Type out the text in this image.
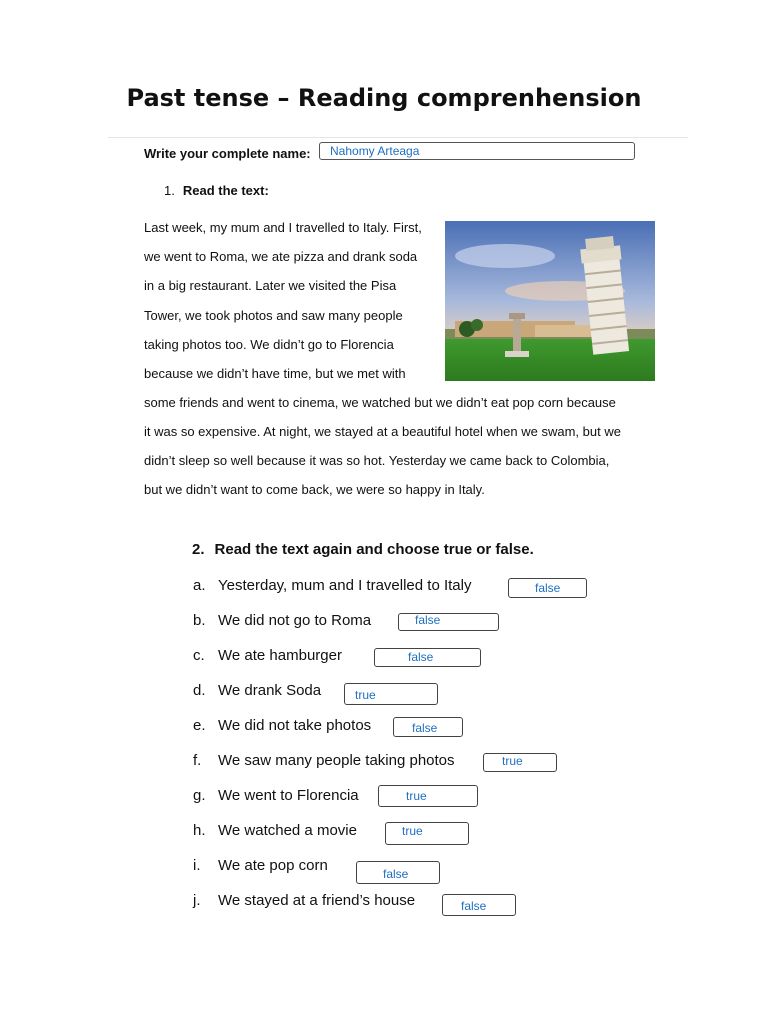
Past tense – Reading comprenhension
Write your complete name:	Nahomy Arteaga
1. Read the text:
Last week, my mum and I travelled to Italy. First,
we went to Roma, we ate pizza and drank soda
in a big restaurant. Later we visited the Pisa
Tower, we took photos and saw many people
taking photos too. We didn’t go to Florencia
because we didn’t have time, but we met with
some friends and went to cinema, we watched but we didn’t eat pop corn because
it was so expensive. At night, we stayed at a beautiful hotel when we swam, but we
didn’t sleep so well because it was so hot. Yesterday we came back to Colombia,
but we didn’t want to come back, we were so happy in Italy.
2. Read the text again and choose true or false.
a. Yesterday, mum and I travelled to Italy	false
b. We did not go to Roma	false
c. We ate hamburger	false
d. We drank Soda	true
e. We did not take photos	false
f. We saw many people taking photos	true
g. We went to Florencia	true
h. We watched a movie	true
i. We ate pop corn	false
j. We stayed at a friend’s house	false
